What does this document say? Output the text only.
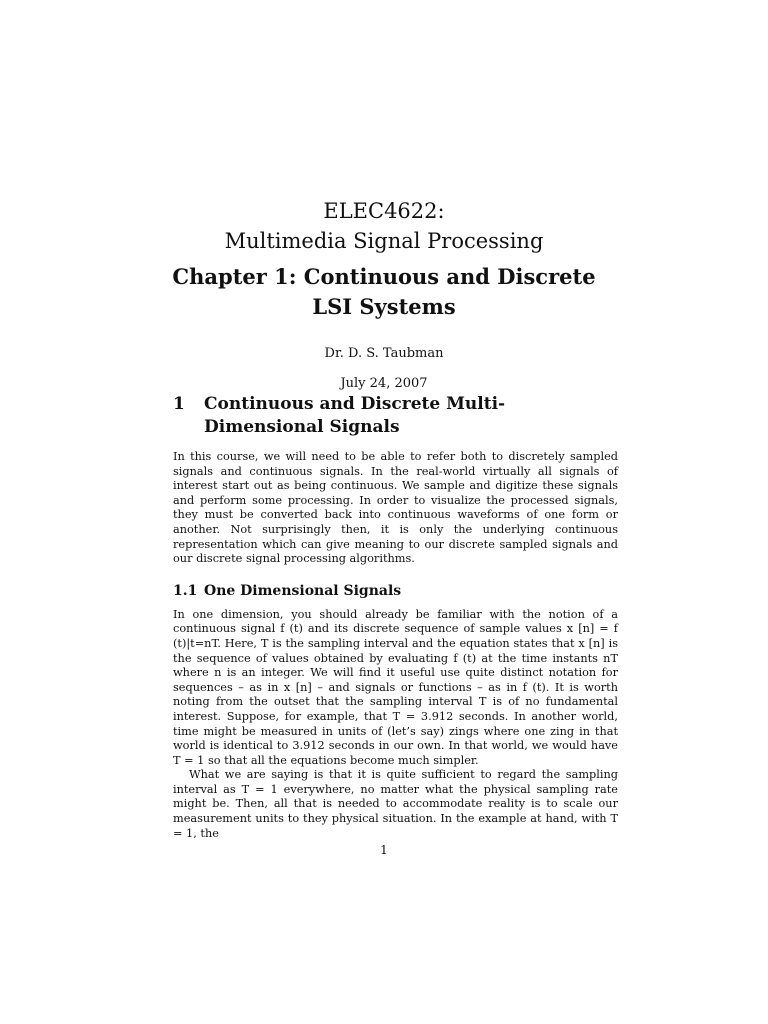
ELEC4622:

Multimedia Signal Processing

Chapter 1: Continuous and Discrete LSI Systems

Dr. D. S. Taubman

July 24, 2007

1	Continuous and Discrete Multi-Dimensional Signals

In this course, we will need to be able to refer both to discretely sampled signals and continuous signals. In the real-world virtually all signals of interest start out as being continuous. We sample and digitize these signals and perform some processing. In order to visualize the processed signals, they must be converted back into continuous waveforms of one form or another. Not surprisingly then, it is only the underlying continuous representation which can give meaning to our discrete sampled signals and our discrete signal processing algorithms.

1.1 One Dimensional Signals

In one dimension, you should already be familiar with the notion of a continuous signal f (t) and its discrete sequence of sample values x [n] = f (t)|t=nT. Here, T is the sampling interval and the equation states that x [n] is the sequence of values obtained by evaluating f (t) at the time instants nT where n is an integer. We will find it useful use quite distinct notation for sequences – as in x [n] – and signals or functions – as in f (t). It is worth noting from the outset that the sampling interval T is of no fundamental interest. Suppose, for example, that T = 3.912 seconds. In another world, time might be measured in units of (let’s say) zings where one zing in that world is identical to 3.912 seconds in our own. In that world, we would have T = 1 so that all the equations become much simpler.

What we are saying is that it is quite sufficient to regard the sampling interval as T = 1 everywhere, no matter what the physical sampling rate might be. Then, all that is needed to accommodate reality is to scale our measurement units to they physical situation. In the example at hand, with T = 1, the

1
